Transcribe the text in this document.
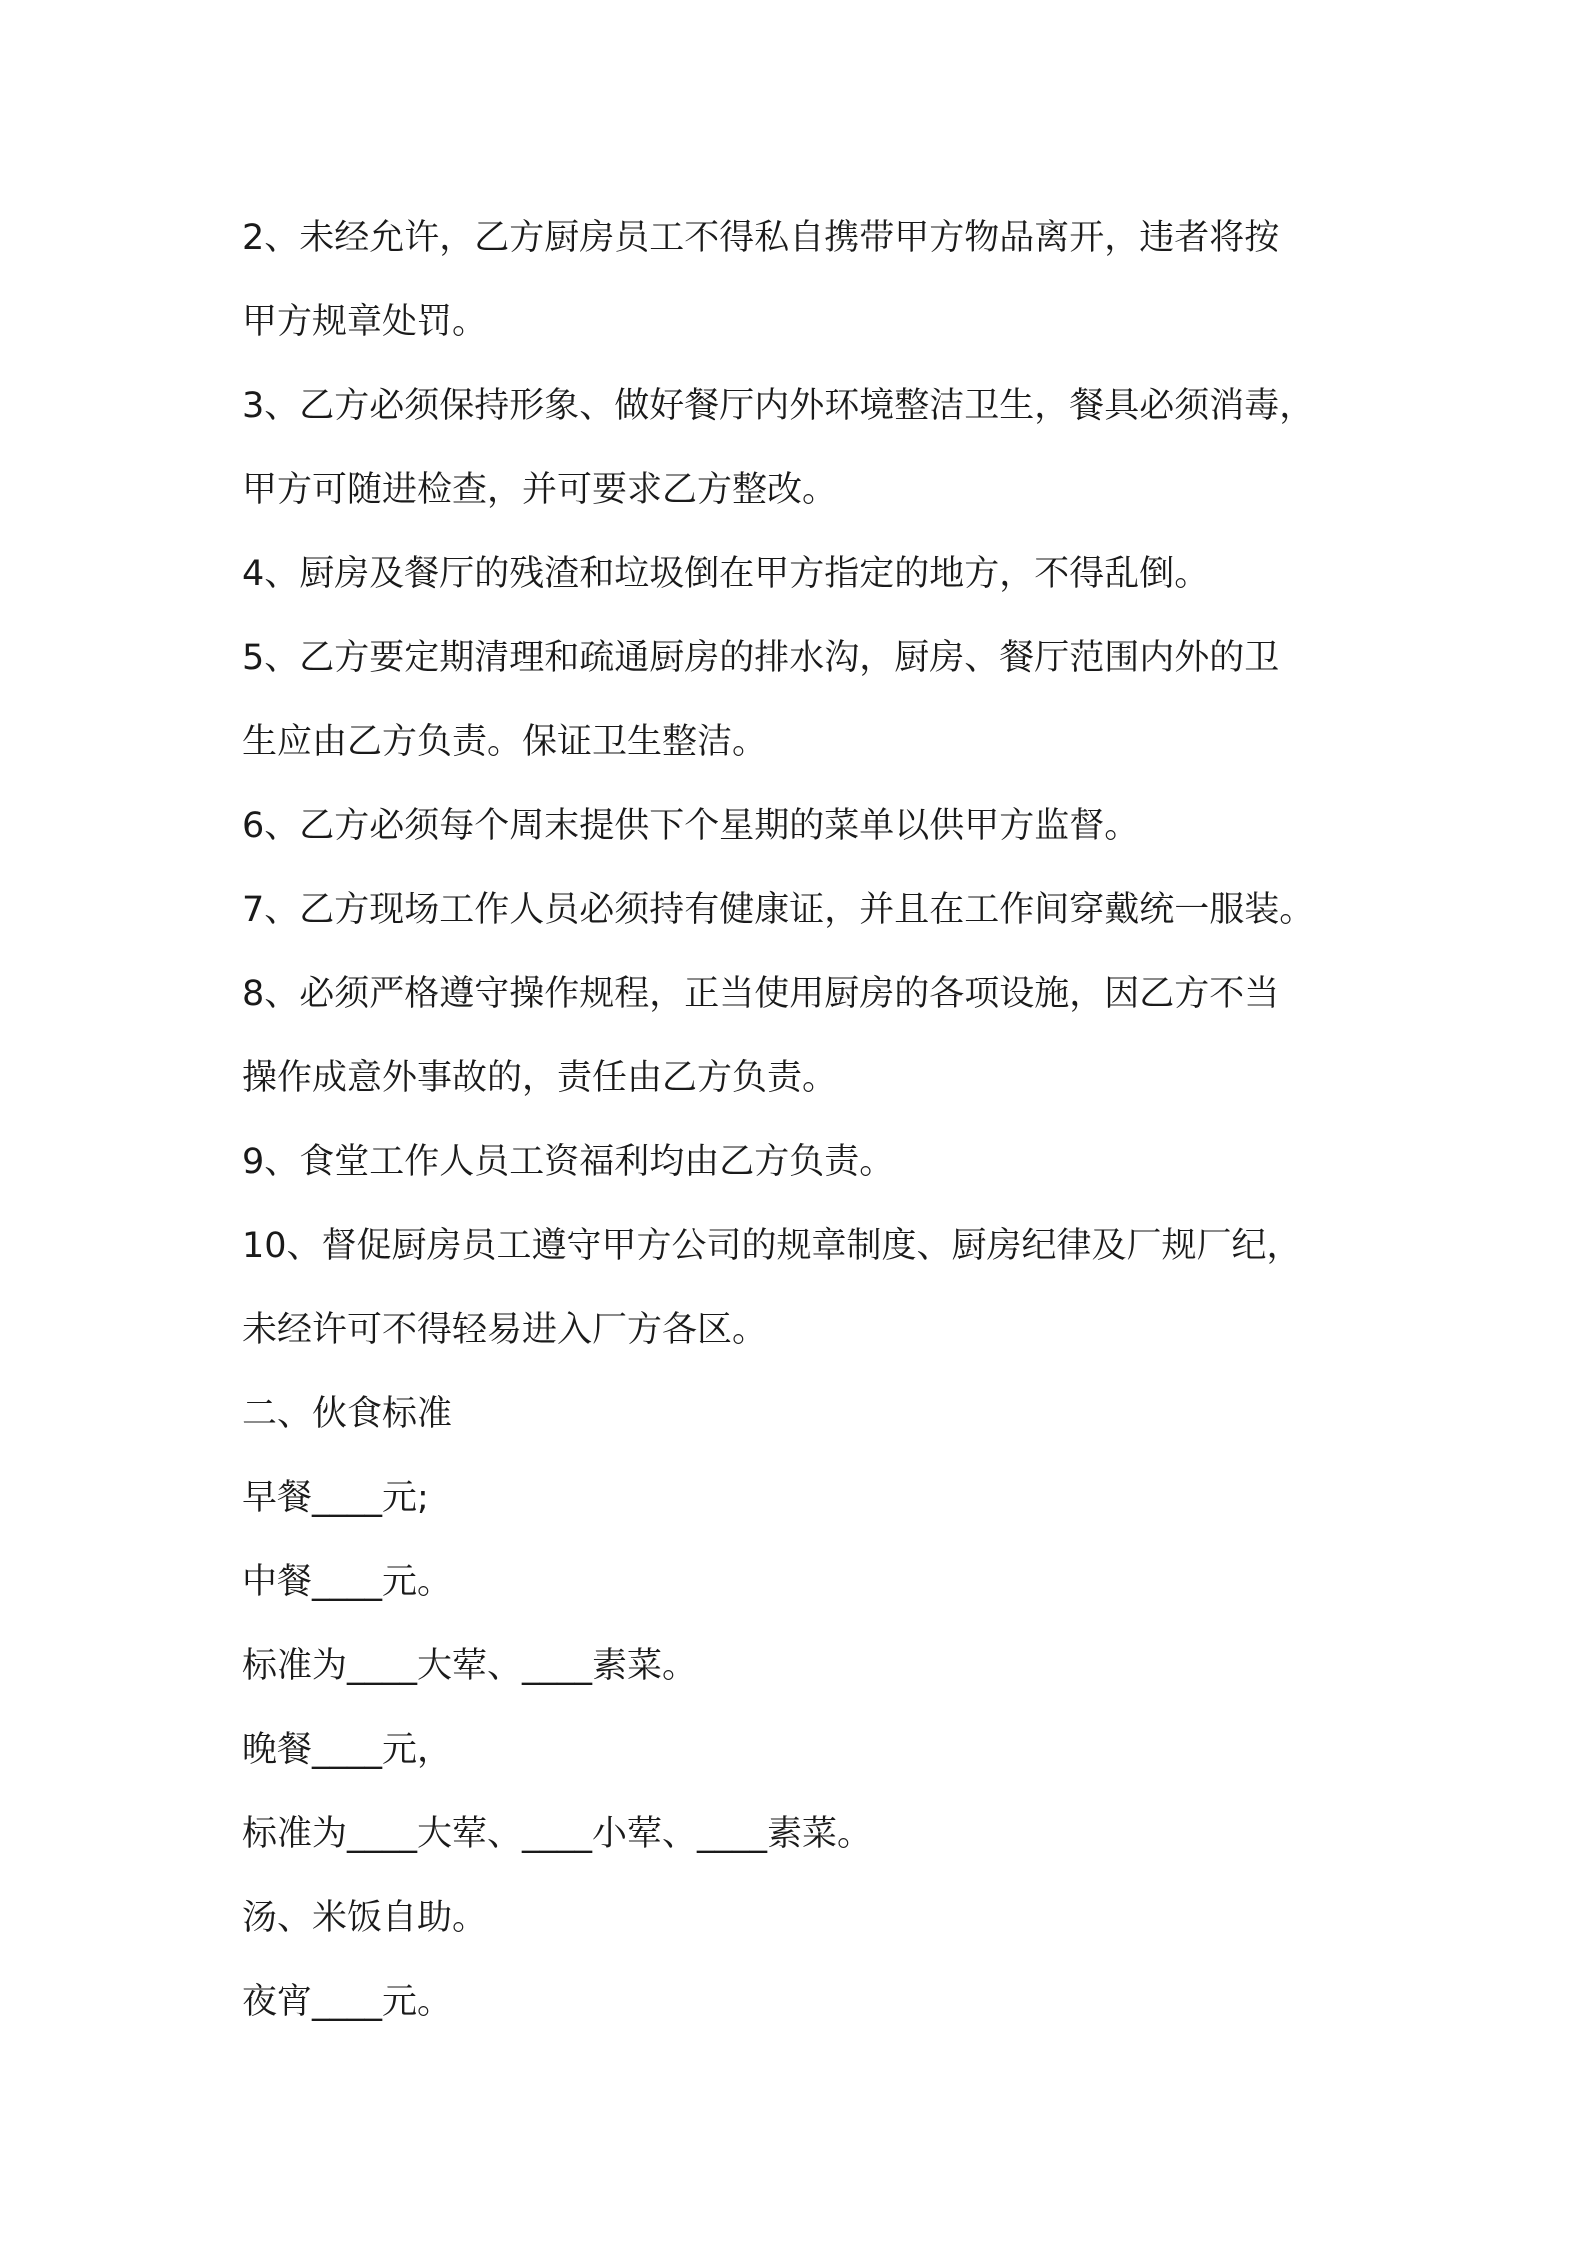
2、未经允许，乙方厨房员工不得私自携带甲方物品离开，违者将按

甲方规章处罚。

3、乙方必须保持形象、做好餐厅内外环境整洁卫生，餐具必须消毒，

甲方可随进检查，并可要求乙方整改。

4、厨房及餐厅的残渣和垃圾倒在甲方指定的地方，不得乱倒。

5、乙方要定期清理和疏通厨房的排水沟，厨房、餐厅范围内外的卫

生应由乙方负责。保证卫生整洁。

6、乙方必须每个周末提供下个星期的菜单以供甲方监督。

7、乙方现场工作人员必须持有健康证，并且在工作间穿戴统一服装。

8、必须严格遵守操作规程，正当使用厨房的各项设施，因乙方不当

操作成意外事故的，责任由乙方负责。

9、食堂工作人员工资福利均由乙方负责。

10、督促厨房员工遵守甲方公司的规章制度、厨房纪律及厂规厂纪，

未经许可不得轻易进入厂方各区。

二、伙食标准

早餐____元;

中餐____元。

标准为____大荤、____素菜。

晚餐____元，

标准为____大荤、____小荤、____素菜。

汤、米饭自助。

夜宵____元。
